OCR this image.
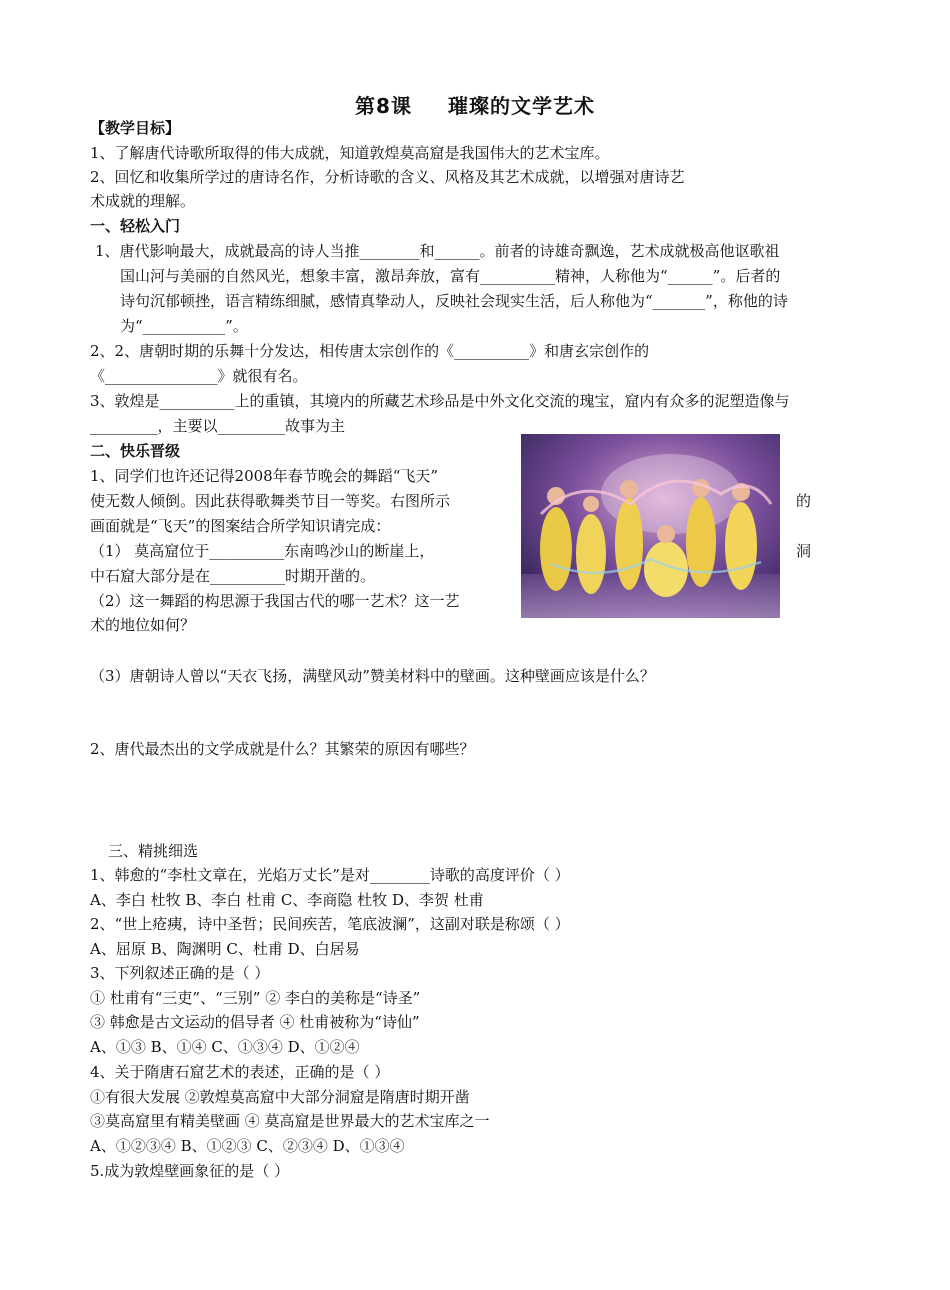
第8课 璀璨的文学艺术
【教学目标】
1、了解唐代诗歌所取得的伟大成就，知道敦煌莫高窟是我国伟大的艺术宝库。
2、回忆和收集所学过的唐诗名作，分析诗歌的含义、风格及其艺术成就，以增强对唐诗艺
术成就的理解。
一、轻松入门
1、唐代影响最大，成就最高的诗人当推________和______。前者的诗雄奇飘逸，艺术成就极高他讴歌祖
国山河与美丽的自然风光，想象丰富，激昂奔放，富有__________精神，人称他为“______”。后者的
诗句沉郁顿挫，语言精练细腻，感情真挚动人，反映社会现实生活，后人称他为“_______”，称他的诗
为“___________”。
2、2、唐朝时期的乐舞十分发达，相传唐太宗创作的《__________》和唐玄宗创作的
《_______________》就很有名。
3、敦煌是__________上的重镇，其境内的所藏艺术珍品是中外文化交流的瑰宝，窟内有众多的泥塑造像与
_________，主要以_________故事为主
二、快乐晋级
1、同学们也许还记得2008年春节晚会的舞蹈“飞天”
使无数人倾倒。因此获得歌舞类节目一等奖。右图所示
画面就是“飞天”的图案结合所学知识请完成：
（1） 莫高窟位于__________东南鸣沙山的断崖上，
中石窟大部分是在__________时期开凿的。
（2）这一舞蹈的构思源于我国古代的哪一艺术？这一艺
术的地位如何？
的
洞
（3）唐朝诗人曾以“天衣飞扬，满壁风动”赞美材料中的壁画。这种壁画应该是什么？
2、唐代最杰出的文学成就是什么？其繁荣的原因有哪些？
三、精挑细选
1、韩愈的“李杜文章在，光焰万丈长”是对________诗歌的高度评价（ ）
A、李白 杜牧 B、李白 杜甫 C、李商隐 杜牧 D、李贺 杜甫
2、“世上疮痍，诗中圣哲；民间疾苦，笔底波澜”，这副对联是称颂（ ）
A、屈原 B、陶渊明 C、杜甫 D、白居易
3、下列叙述正确的是（ ）
① 杜甫有“三吏”、“三别” ② 李白的美称是“诗圣”
③ 韩愈是古文运动的倡导者 ④ 杜甫被称为“诗仙”
A、①③ B、①④ C、①③④ D、①②④
4、关于隋唐石窟艺术的表述，正确的是（ ）
①有很大发展 ②敦煌莫高窟中大部分洞窟是隋唐时期开凿
③莫高窟里有精美壁画 ④ 莫高窟是世界最大的艺术宝库之一
A、①②③④ B、①②③ C、②③④ D、①③④
5.成为敦煌壁画象征的是（ ）
